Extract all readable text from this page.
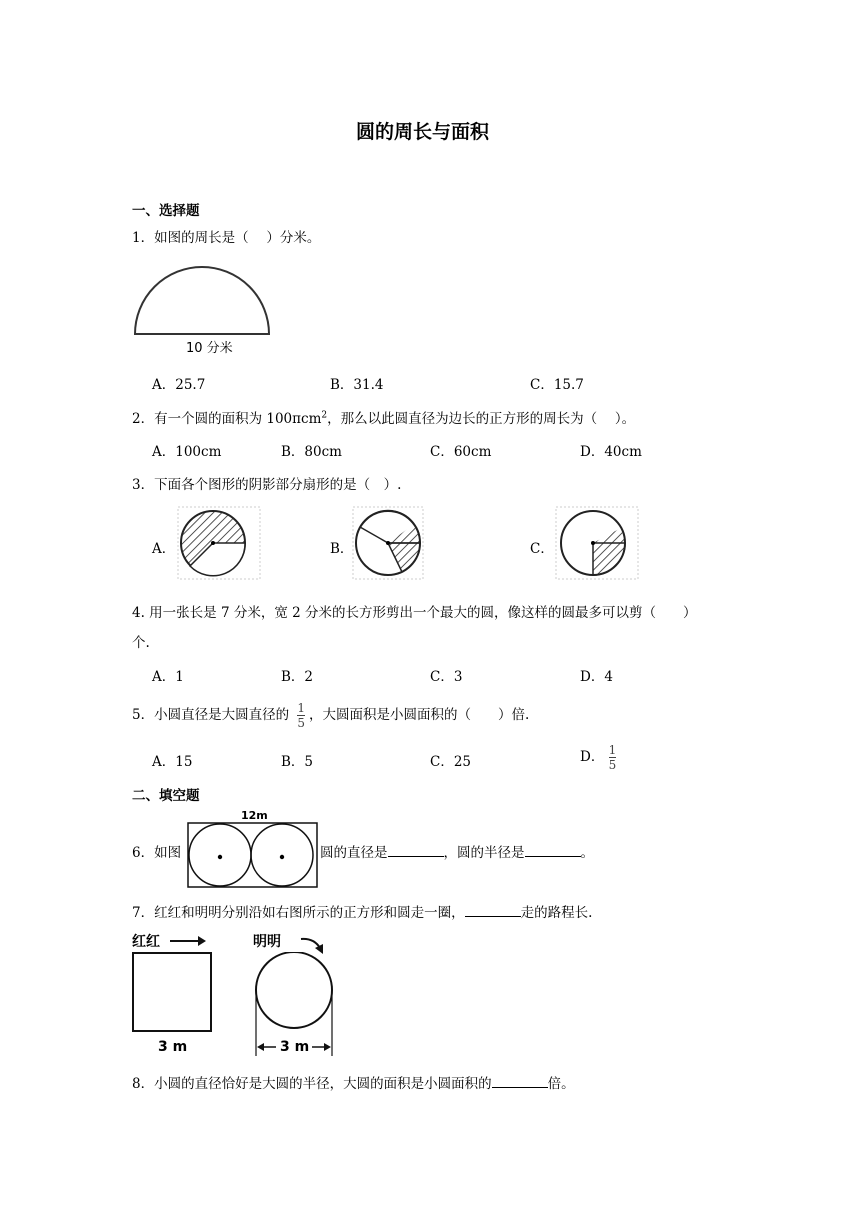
圆的周长与面积
一、选择题
1．如图的周长是（　 ）分米。
10 分米
A．25.7	B．31.4	C．15.7
2．有一个圆的面积为 100πcm$^2$，那么以此圆直径为边长的正方形的周长为（　 ）。
A．100cm	B．80cm	C．60cm	D．40cm
3．下面各个图形的阴影部分扇形的是（　）.
A．	B．	C．
4. 用一张长是 7 分米，宽 2 分米的长方形剪出一个最大的圆，像这样的圆最多可以剪（　　）
个.
A．1	B．2	C．3	D．4
5．小圆直径是大圆直径的 $\frac{1}{5}$ ，大圆面积是小圆面积的（　　）倍.
A．15	B．5	C．25	D． $\frac{1}{5}$
二、填空题
12m
6．如图	圆的直径是	，圆的半径是	。
7．红红和明明分别沿如右图所示的正方形和圆走一圈，	走的路程长.
红红
3 m
明明
3 m
8．小圆的直径恰好是大圆的半径，大圆的面积是小圆面积的	倍。
